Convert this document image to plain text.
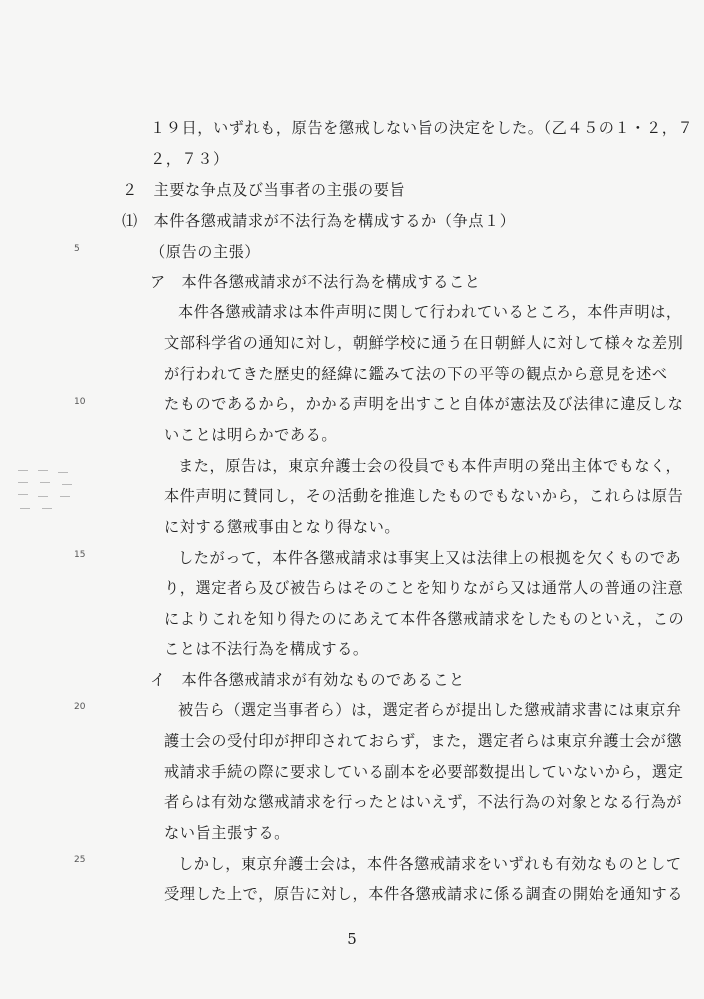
１９日，いずれも，原告を懲戒しない旨の決定をした。（乙４５の１・２，７
２，７３）
２　主要な争点及び当事者の主張の要旨
⑴　本件各懲戒請求が不法行為を構成するか（争点１）
（原告の主張）
ア　本件各懲戒請求が不法行為を構成すること
本件各懲戒請求は本件声明に関して行われているところ，本件声明は，
文部科学省の通知に対し，朝鮮学校に通う在日朝鮮人に対して様々な差別
が行われてきた歴史的経緯に鑑みて法の下の平等の観点から意見を述べ
たものであるから，かかる声明を出すこと自体が憲法及び法律に違反しな
いことは明らかである。
また，原告は，東京弁護士会の役員でも本件声明の発出主体でもなく，
本件声明に賛同し，その活動を推進したものでもないから，これらは原告
に対する懲戒事由となり得ない。
したがって，本件各懲戒請求は事実上又は法律上の根拠を欠くものであ
り，選定者ら及び被告らはそのことを知りながら又は通常人の普通の注意
によりこれを知り得たのにあえて本件各懲戒請求をしたものといえ，この
ことは不法行為を構成する。
イ　本件各懲戒請求が有効なものであること
被告ら（選定当事者ら）は，選定者らが提出した懲戒請求書には東京弁
護士会の受付印が押印されておらず，また，選定者らは東京弁護士会が懲
戒請求手続の際に要求している副本を必要部数提出していないから，選定
者らは有効な懲戒請求を行ったとはいえず，不法行為の対象となる行為が
ない旨主張する。
しかし，東京弁護士会は，本件各懲戒請求をいずれも有効なものとして
受理した上で，原告に対し，本件各懲戒請求に係る調査の開始を通知する
5
10
15
20
25
5
